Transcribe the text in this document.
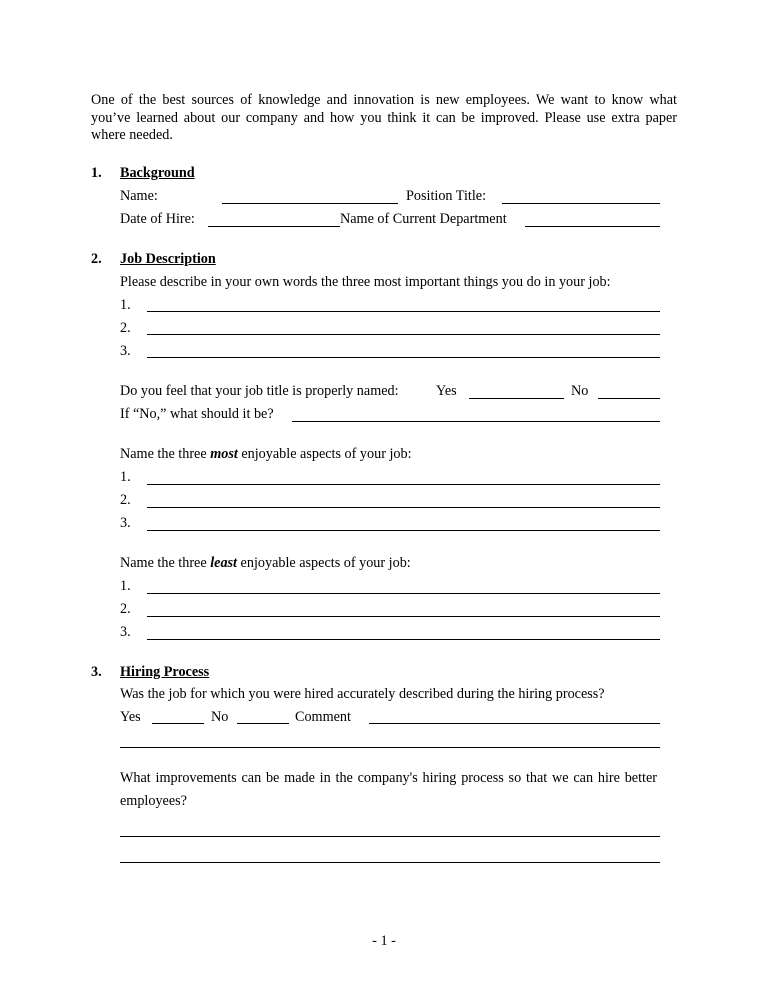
One of the best sources of knowledge and innovation is new employees. We want to know what you’ve learned about our company and how you think it can be improved. Please use extra paper where needed.
1. Background
Name:	Position Title:
Date of Hire:	Name of Current Department
2. Job Description
Please describe in your own words the three most important things you do in your job:
1.
2.
3.
Do you feel that your job title is properly named:	Yes	No
If “No,” what should it be?
Name the three most enjoyable aspects of your job:
1.
2.
3.
Name the three least enjoyable aspects of your job:
1.
2.
3.
3. Hiring Process
Was the job for which you were hired accurately described during the hiring process?
Yes	No	Comment
What improvements can be made in the company's hiring process so that we can hire better employees?
- 1 -
